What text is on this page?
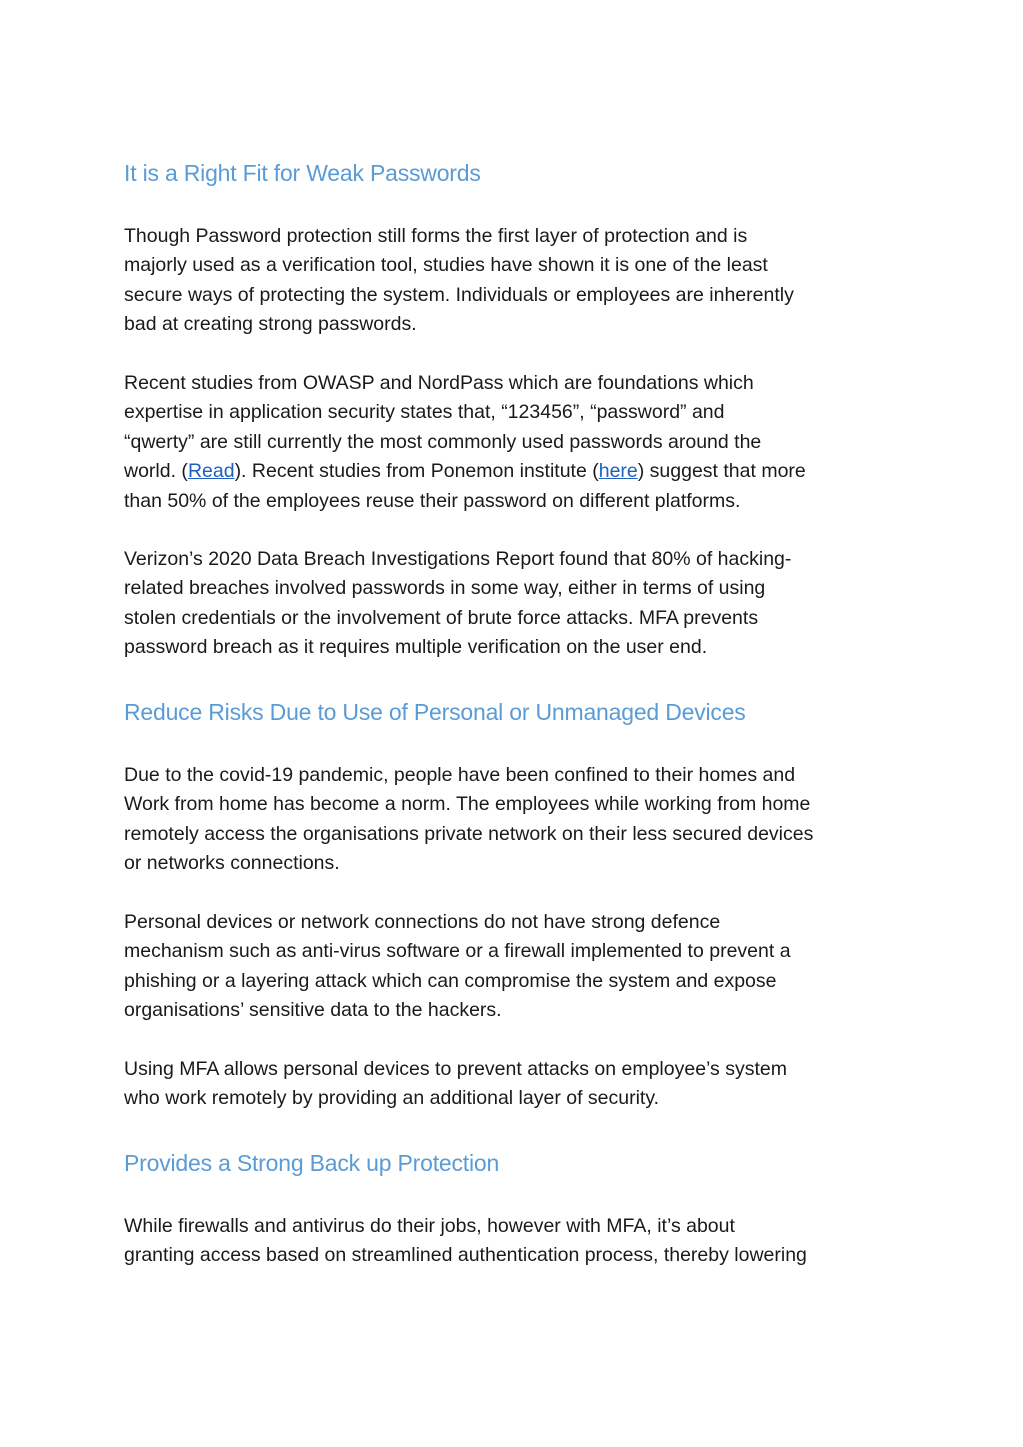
It is a Right Fit for Weak Passwords
Though Password protection still forms the first layer of protection and is
majorly used as a verification tool, studies have shown it is one of the least
secure ways of protecting the system. Individuals or employees are inherently
bad at creating strong passwords.
Recent studies from OWASP and NordPass which are foundations which
expertise in application security states that, “123456”, “password” and
“qwerty” are still currently the most commonly used passwords around the
world. (Read). Recent studies from Ponemon institute (here) suggest that more
than 50% of the employees reuse their password on different platforms.
Verizon’s 2020 Data Breach Investigations Report found that 80% of hacking-
related breaches involved passwords in some way, either in terms of using
stolen credentials or the involvement of brute force attacks. MFA prevents
password breach as it requires multiple verification on the user end.
Reduce Risks Due to Use of Personal or Unmanaged Devices
Due to the covid-19 pandemic, people have been confined to their homes and
Work from home has become a norm. The employees while working from home
remotely access the organisations private network on their less secured devices
or networks connections.
Personal devices or network connections do not have strong defence
mechanism such as anti-virus software or a firewall implemented to prevent a
phishing or a layering attack which can compromise the system and expose
organisations’ sensitive data to the hackers.
Using MFA allows personal devices to prevent attacks on employee’s system
who work remotely by providing an additional layer of security.
Provides a Strong Back up Protection
While firewalls and antivirus do their jobs, however with MFA, it’s about
granting access based on streamlined authentication process, thereby lowering
